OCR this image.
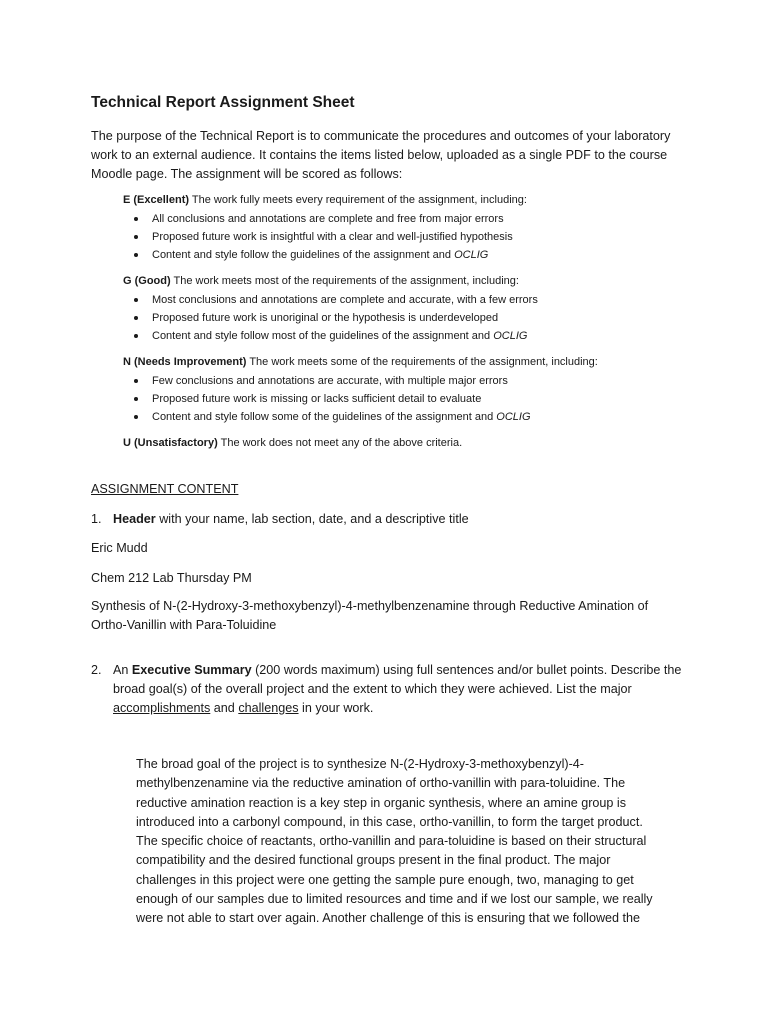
Technical Report Assignment Sheet

The purpose of the Technical Report is to communicate the procedures and outcomes of your laboratory work to an external audience. It contains the items listed below, uploaded as a single PDF to the course Moodle page. The assignment will be scored as follows:

E (Excellent) The work fully meets every requirement of the assignment, including:

All conclusions and annotations are complete and free from major errors
Proposed future work is insightful with a clear and well-justified hypothesis
Content and style follow the guidelines of the assignment and OCLIG

G (Good) The work meets most of the requirements of the assignment, including:

Most conclusions and annotations are complete and accurate, with a few errors
Proposed future work is unoriginal or the hypothesis is underdeveloped
Content and style follow most of the guidelines of the assignment and OCLIG

N (Needs Improvement) The work meets some of the requirements of the assignment, including:

Few conclusions and annotations are accurate, with multiple major errors
Proposed future work is missing or lacks sufficient detail to evaluate
Content and style follow some of the guidelines of the assignment and OCLIG

U (Unsatisfactory) The work does not meet any of the above criteria.

ASSIGNMENT CONTENT

1. Header with your name, lab section, date, and a descriptive title

Eric Mudd

Chem 212 Lab Thursday PM

Synthesis of N-(2-Hydroxy-3-methoxybenzyl)-4-methylbenzenamine through Reductive Amination of

Ortho-Vanillin with Para-Toluidine

2. An Executive Summary (200 words maximum) using full sentences and/or bullet points. Describe the broad goal(s) of the overall project and the extent to which they were achieved. List the major accomplishments and challenges in your work.
The broad goal of the project is to synthesize N-(2-Hydroxy-3-methoxybenzyl)-4-
methylbenzenamine via the reductive amination of ortho-vanillin with para-toluidine. The
reductive amination reaction is a key step in organic synthesis, where an amine group is
introduced into a carbonyl compound, in this case, ortho-vanillin, to form the target product.
The specific choice of reactants, ortho-vanillin and para-toluidine is based on their structural
compatibility and the desired functional groups present in the final product. The major
challenges in this project were one getting the sample pure enough, two, managing to get
enough of our samples due to limited resources and time and if we lost our sample, we really
were not able to start over again. Another challenge of this is ensuring that we followed the
